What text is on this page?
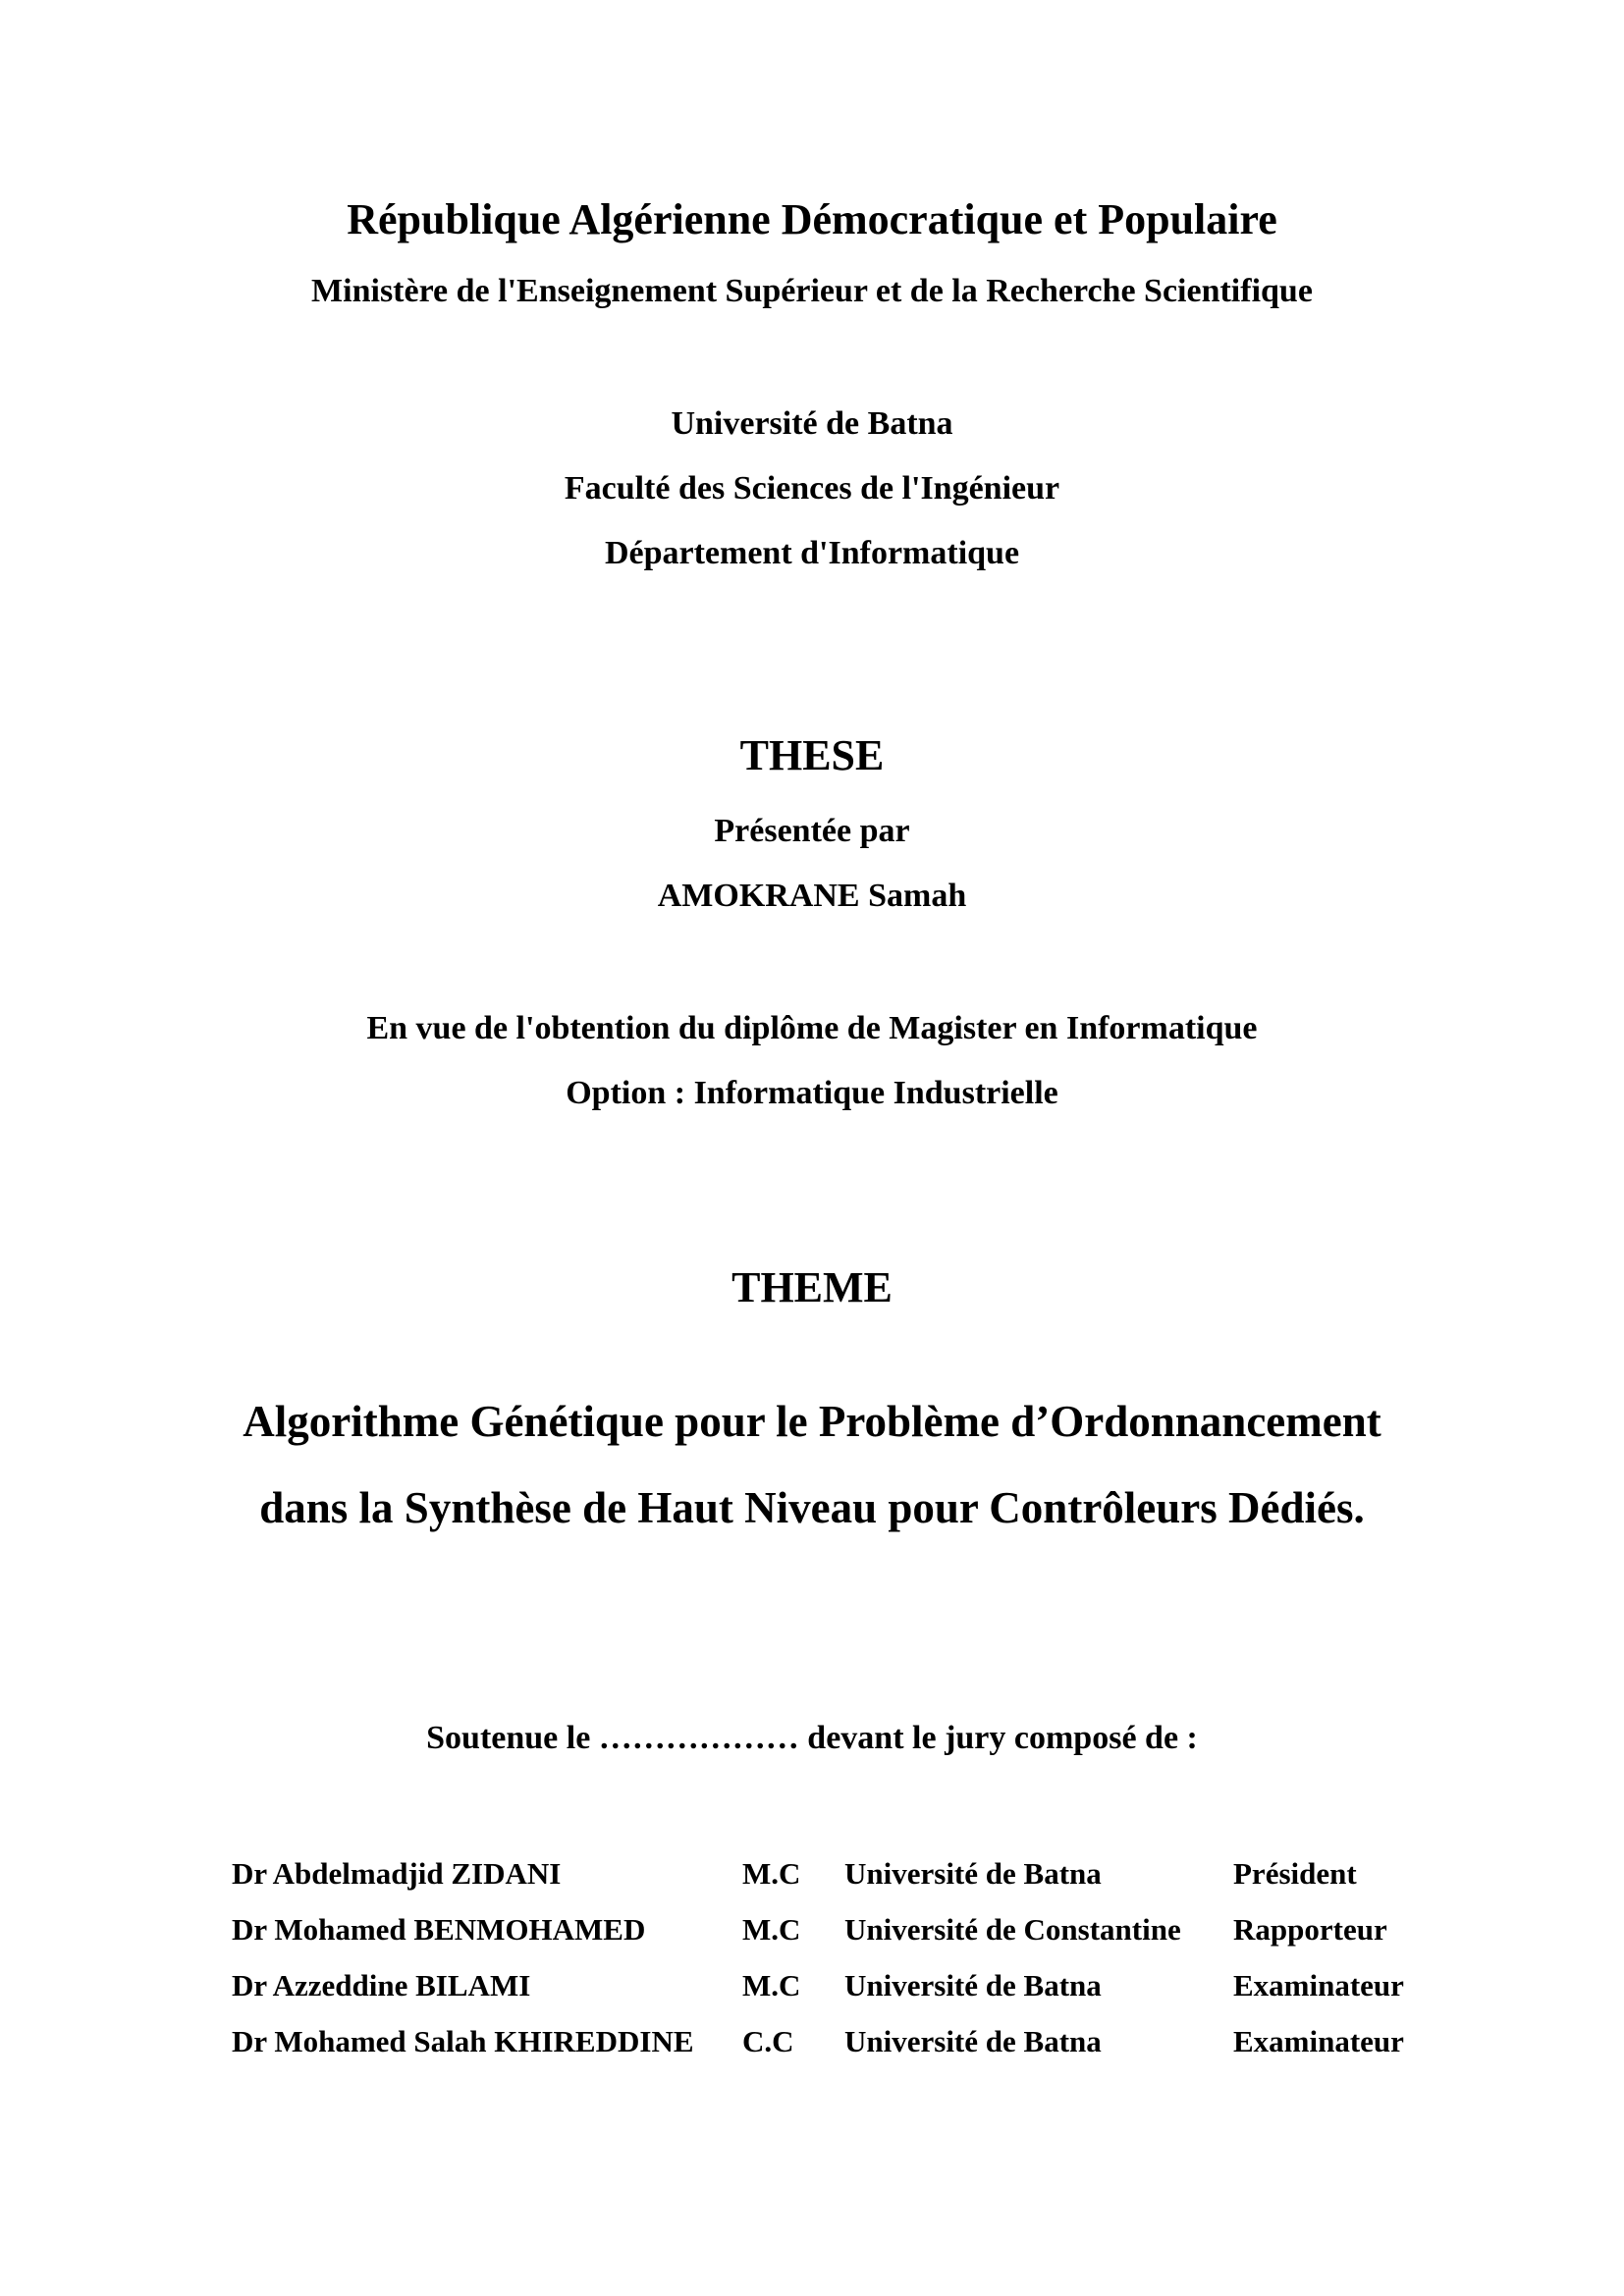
République Algérienne Démocratique et Populaire
Ministère de l'Enseignement Supérieur et de la Recherche Scientifique
Université de Batna
Faculté des Sciences de l'Ingénieur
Département d'Informatique
THESE
Présentée par
AMOKRANE Samah
En vue de l'obtention du diplôme de Magister en Informatique
Option : Informatique Industrielle
THEME
Algorithme Génétique pour le Problème d’Ordonnancement
dans la Synthèse de Haut Niveau pour Contrôleurs Dédiés.
Soutenue le ……………… devant le jury composé de :
Dr Abdelmadjid ZIDANI	M.C	Université de Batna	Président
Dr Mohamed BENMOHAMED	M.C	Université de Constantine	Rapporteur
Dr Azzeddine BILAMI	M.C	Université de Batna	Examinateur
Dr Mohamed Salah KHIREDDINE	C.C	Université de Batna	Examinateur
